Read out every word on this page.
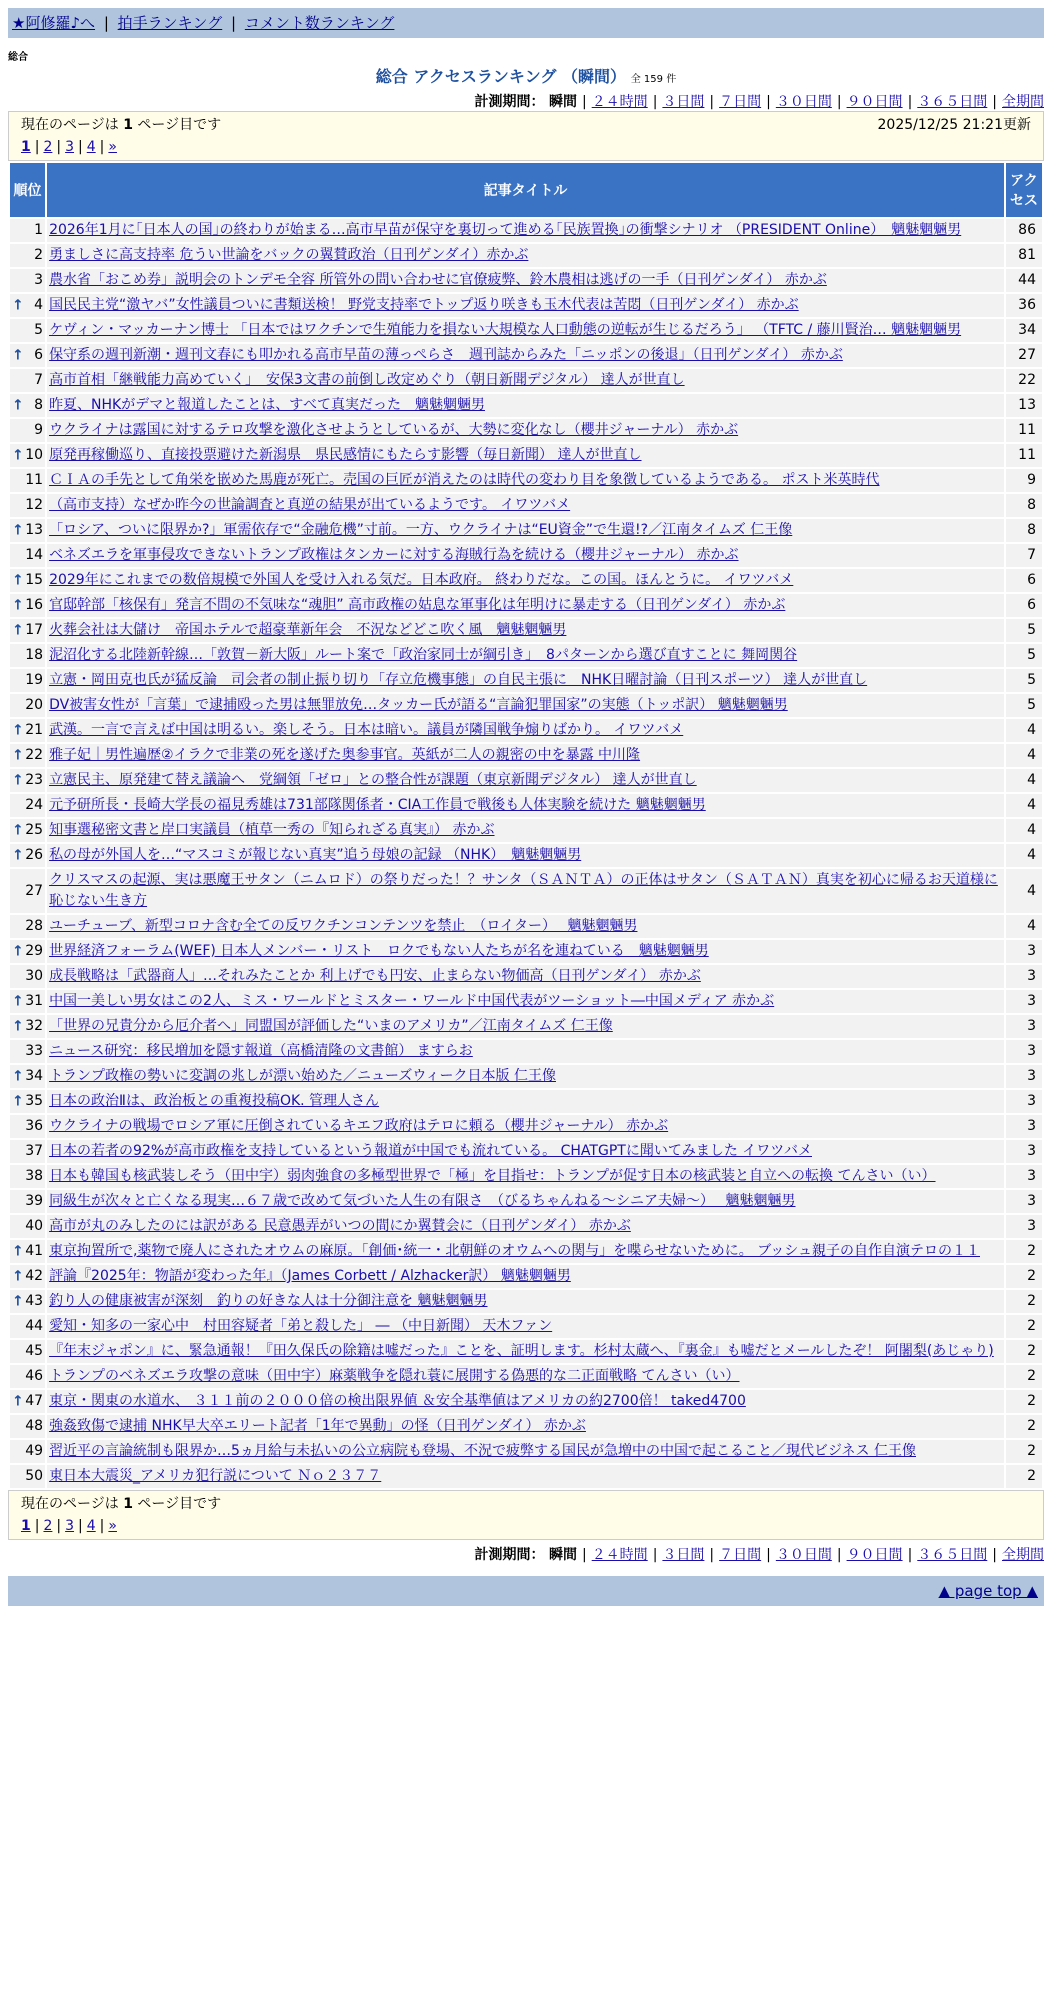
★阿修羅♪へ | 拍手ランキング | コメント数ランキング
総合
総合 アクセスランキング （瞬間） 全 159 件
計測期間： 瞬間 | ２４時間 | ３日間 | ７日間 | ３０日間 | ９０日間 | ３６５日間 | 全期間
現在のページは 1 ページ目です	2025/12/25 21:21更新
1 | 2 | 3 | 4 | »
順位	記事タイトル	アクセス
1	2026年1月に｢日本人の国｣の終わりが始まる…高市早苗が保守を裏切って進める｢民族置換｣の衝撃シナリオ （PRESIDENT Online）　魑魅魍魎男	86
2	勇ましさに高支持率 危うい世論をバックの翼賛政治（日刊ゲンダイ）赤かぶ	81
3	農水省「おこめ券」説明会のトンデモ全容 所管外の問い合わせに官僚疲弊、鈴木農相は逃げの一手（日刊ゲンダイ） 赤かぶ	44

↑ 4	国民民主党“激ヤバ”女性議員ついに書類送検！ 野党支持率でトップ返り咲きも玉木代表は苦悶（日刊ゲンダイ） 赤かぶ	36
5	ケヴィン・マッカーナン博士 「日本ではワクチンで生殖能力を損ない大規模な人口動態の逆転が生じるだろう」 （TFTC / 藤川賢治… 魑魅魍魎男	34

↑ 6	保守系の週刊新潮・週刊文春にも叩かれる高市早苗の薄っぺらさ　週刊誌からみた「ニッポンの後退」（日刊ゲンダイ） 赤かぶ	27
7	高市首相「継戦能力高めていく」　安保3文書の前倒し改定めぐり（朝日新聞デジタル） 達人が世直し	22

↑ 8	昨夏、NHKがデマと報道したことは、すべて真実だった　魑魅魍魎男	13
9	ウクライナは露国に対するテロ攻撃を激化させようとしているが、大勢に変化なし（櫻井ジャーナル） 赤かぶ	11

↑ 10	原発再稼働巡り、直接投票避けた新潟県　県民感情にもたらす影響（毎日新聞） 達人が世直し	11
11	ＣＩＡの手先として角栄を嵌めた馬鹿が死亡。売国の巨匠が消えたのは時代の変わり目を象徴しているようである。 ポスト米英時代	9
12	（高市支持）なぜか昨今の世論調査と真逆の結果が出ているようです。 イワツバメ	8

↑ 13	「ロシア、ついに限界か?」軍需依存で“金融危機”寸前。一方、ウクライナは“EU資金”で生還!?／江南タイムズ 仁王像	8
14	ベネズエラを軍事侵攻できないトランプ政権はタンカーに対する海賊行為を続ける（櫻井ジャーナル） 赤かぶ	7

↑ 15	2029年にこれまでの数倍規模で外国人を受け入れる気だ。日本政府。 終わりだな。この国。ほんとうに。 イワツバメ	6

↑ 16	官邸幹部「核保有」発言不問の不気味な“魂胆” 高市政権の姑息な軍事化は年明けに暴走する（日刊ゲンダイ） 赤かぶ	6

↑ 17	火葬会社は大儲け　帝国ホテルで超豪華新年会　不況などどこ吹く風　魑魅魍魎男	5
18	泥沼化する北陸新幹線…「敦賀－新大阪」ルート案で「政治家同士が綱引き」　8パターンから選び直すことに 舞岡関谷	5
19	立憲・岡田克也氏が猛反論　司会者の制止振り切り「存立危機事態」の自民主張に　NHK日曜討論（日刊スポーツ） 達人が世直し	5
20	DV被害女性が「言葉」で逮捕殴った男は無罪放免…タッカー氏が語る“言論犯罪国家”の実態（トッポ訳） 魑魅魍魎男	5

↑ 21	武漢。一言で言えば中国は明るい。楽しそう。日本は暗い。議員が隣国戦争煽りばかり。 イワツバメ	4

↑ 22	雅子妃｜男性遍歴②イラクで非業の死を遂げた奥参事官。英紙が二人の親密の中を暴露 中川隆	4

↑ 23	立憲民主、原発建て替え議論へ　党綱領「ゼロ」との整合性が課題（東京新聞デジタル） 達人が世直し	4
24	元予研所長・長崎大学長の福見秀雄は731部隊関係者・CIA工作員で戦後も人体実験を続けた 魑魅魍魎男	4

↑ 25	知事選秘密文書と岸口実議員（植草一秀の『知られざる真実』） 赤かぶ	4

↑ 26	私の母が外国人を…“マスコミが報じない真実”追う母娘の記録 （NHK）　魑魅魍魎男	4
27	クリスマスの起源、実は悪魔王サタン（ニムロド）の祭りだった！？サンタ（ＳＡＮＴＡ）の正体はサタン（ＳＡＴＡＮ）真実を初心に帰るお天道様に恥じない生き方	4
28	ユーチューブ、新型コロナ含む全ての反ワクチンコンテンツを禁止　（ロイター）　 魑魅魍魎男	4

↑ 29	世界経済フォーラム(WEF) 日本人メンバー・リスト　ロクでもない人たちが名を連ねている　魑魅魍魎男	3
30	成長戦略は「武器商人」…それみたことか 利上げでも円安、止まらない物価高（日刊ゲンダイ） 赤かぶ	3

↑ 31	中国一美しい男女はこの2人、ミス・ワールドとミスター・ワールド中国代表がツーショット―中国メディア 赤かぶ	3

↑ 32	「世界の兄貴分から厄介者へ」同盟国が評価した“いまのアメリカ”／江南タイムズ 仁王像	3
33	ニュース研究：移民増加を隠す報道（高橋清隆の文書館） ますらお	3

↑ 34	トランプ政権の勢いに変調の兆しが漂い始めた／ニューズウィーク日本版 仁王像	3

↑ 35	日本の政治Ⅱは、政治板との重複投稿OK. 管理人さん	3
36	ウクライナの戦場でロシア軍に圧倒されているキエフ政府はテロに頼る（櫻井ジャーナル） 赤かぶ	3
37	日本の若者の92%が高市政権を支持しているという報道が中国でも流れている。 CHATGPTに聞いてみました イワツバメ	3
38	日本も韓国も核武装しそう（田中宇）弱肉強食の多極型世界で「極」を目指せ：トランプが促す日本の核武装と自立への転換 てんさい（い）	3
39	同級生が次々と亡くなる現実…６７歳で改めて気づいた人生の有限さ　（びるちゃんねる～シニア夫婦～）　 魑魅魍魎男	3
40	高市が丸のみしたのには訳がある 民意愚弄がいつの間にか翼賛会に（日刊ゲンダイ） 赤かぶ	3

↑ 41	東京拘置所で,薬物で廃人にされたオウムの麻原。「創価･統一・北朝鮮のオウムへの関与」を喋らせないために。 ブッシュ親子の自作自演テロの１１	2

↑ 42	評論『2025年：物語が変わった年』（James Corbett / Alzhacker訳） 魑魅魍魎男	2

↑ 43	釣り人の健康被害が深刻　釣りの好きな人は十分御注意を 魑魅魍魎男	2
44	愛知・知多の一家心中　村田容疑者「弟と殺した」 ― （中日新聞） 天木ファン	2
45	『年末ジャポン』に、緊急通報！『田久保氏の除籍は嘘だった』ことを、証明します。杉村太蔵へ、『裏金』も嘘だとメールしたぞ！ 阿闍梨(あじゃり)	2
46	トランプのベネズエラ攻撃の意味（田中宇）麻薬戦争を隠れ蓑に展開する偽悪的な二正面戦略 てんさい（い）	2

↑ 47	東京・関東の水道水、 ３１１前の２０００倍の検出限界値 ＆安全基準値はアメリカの約2700倍！ taked4700	2
48	強姦致傷で逮捕 NHK早大卒エリート記者「1年で異動」の怪（日刊ゲンダイ） 赤かぶ	2
49	習近平の言論統制も限界か…5ヵ月給与未払いの公立病院も登場、不況で疲弊する国民が急増中の中国で起こること／現代ビジネス 仁王像	2
50	東日本大震災_アメリカ犯行説について Ｎｏ２３７７	2
現在のページは 1 ページ目です
1 | 2 | 3 | 4 | »
計測期間： 瞬間 | ２４時間 | ３日間 | ７日間 | ３０日間 | ９０日間 | ３６５日間 | 全期間
▲ page top ▲
